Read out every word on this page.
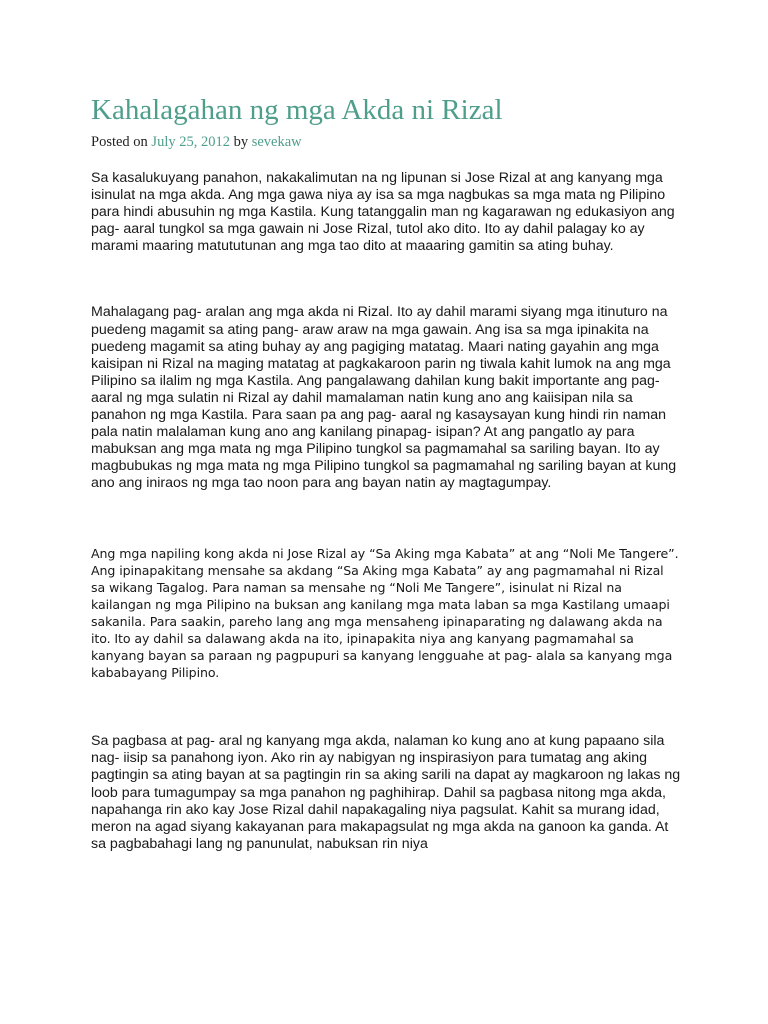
Kahalagahan ng mga Akda ni Rizal
Posted on July 25, 2012 by sevekaw

Sa kasalukuyang panahon, nakakalimutan na ng lipunan si Jose Rizal at ang kanyang mga isinulat na mga akda. Ang mga gawa niya ay isa sa mga nagbukas sa mga mata ng Pilipino para hindi abusuhin ng mga Kastila. Kung tatanggalin man ng kagarawan ng edukasiyon ang pag- aaral tungkol sa mga gawain ni Jose Rizal, tutol ako dito. Ito ay dahil palagay ko ay marami maaring matututunan ang mga tao dito at maaaring gamitin sa ating buhay.

Mahalagang pag- aralan ang mga akda ni Rizal. Ito ay dahil marami siyang mga itinuturo na puedeng magamit sa ating pang- araw araw na mga gawain. Ang isa sa mga ipinakita na puedeng magamit sa ating buhay ay ang pagiging matatag. Maari nating gayahin ang mga kaisipan ni Rizal na maging matatag at pagkakaroon parin ng tiwala kahit lumok na ang mga Pilipino sa ilalim ng mga Kastila. Ang pangalawang dahilan kung bakit importante ang pag- aaral ng mga sulatin ni Rizal ay dahil mamalaman natin kung ano ang kaiisipan nila sa panahon ng mga Kastila. Para saan pa ang pag- aaral ng kasaysayan kung hindi rin naman pala natin malalaman kung ano ang kanilang pinapag- isipan? At ang pangatlo ay para mabuksan ang mga mata ng mga Pilipino tungkol sa pagmamahal sa sariling bayan. Ito ay magbubukas ng mga mata ng mga Pilipino tungkol sa pagmamahal ng sariling bayan at kung ano ang iniraos ng mga tao noon para ang bayan natin ay magtagumpay.

Ang mga napiling kong akda ni Jose Rizal ay “Sa Aking mga Kabata” at ang “Noli Me Tangere”. Ang ipinapakitang mensahe sa akdang “Sa Aking mga Kabata” ay ang pagmamahal ni Rizal sa wikang Tagalog. Para naman sa mensahe ng “Noli Me Tangere”, isinulat ni Rizal na kailangan ng mga Pilipino na buksan ang kanilang mga mata laban sa mga Kastilang umaapi sakanila. Para saakin, pareho lang ang mga mensaheng ipinaparating ng dalawang akda na ito. Ito ay dahil sa dalawang akda na ito, ipinapakita niya ang kanyang pagmamahal sa kanyang bayan sa paraan ng pagpupuri sa kanyang lengguahe at pag- alala sa kanyang mga kababayang Pilipino.

Sa pagbasa at pag- aral ng kanyang mga akda, nalaman ko kung ano at kung papaano sila nag- iisip sa panahong iyon. Ako rin ay nabigyan ng inspirasiyon para tumatag ang aking pagtingin sa ating bayan at sa pagtingin rin sa aking sarili na dapat ay magkaroon ng lakas ng loob para tumagumpay sa mga panahon ng paghihirap. Dahil sa pagbasa nitong mga akda, napahanga rin ako kay Jose Rizal dahil napakagaling niya pagsulat. Kahit sa murang idad, meron na agad siyang kakayanan para makapagsulat ng mga akda na ganoon ka ganda. At sa pagbabahagi lang ng panunulat, nabuksan rin niya
